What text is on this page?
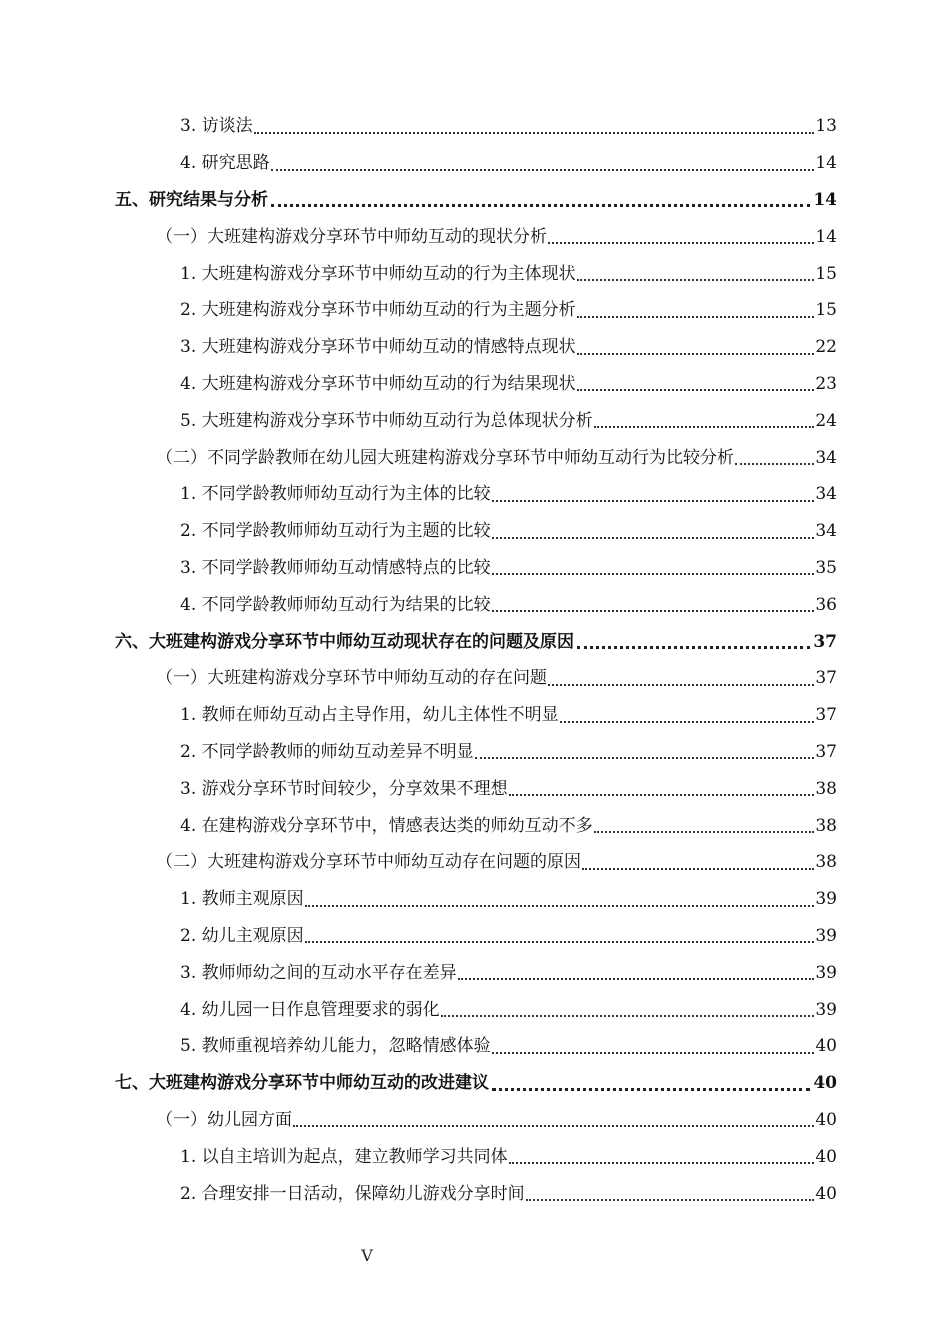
3. 访谈法	13
4. 研究思路	14
五、研究结果与分析	14
（一）大班建构游戏分享环节中师幼互动的现状分析	14
1. 大班建构游戏分享环节中师幼互动的行为主体现状	15
2. 大班建构游戏分享环节中师幼互动的行为主题分析	15
3. 大班建构游戏分享环节中师幼互动的情感特点现状	22
4. 大班建构游戏分享环节中师幼互动的行为结果现状	23
5. 大班建构游戏分享环节中师幼互动行为总体现状分析	24
（二）不同学龄教师在幼儿园大班建构游戏分享环节中师幼互动行为比较分析	34
1. 不同学龄教师师幼互动行为主体的比较	34
2. 不同学龄教师师幼互动行为主题的比较	34
3. 不同学龄教师师幼互动情感特点的比较	35
4. 不同学龄教师师幼互动行为结果的比较	36
六、大班建构游戏分享环节中师幼互动现状存在的问题及原因	37
（一）大班建构游戏分享环节中师幼互动的存在问题	37
1. 教师在师幼互动占主导作用，幼儿主体性不明显	37
2. 不同学龄教师的师幼互动差异不明显	37
3. 游戏分享环节时间较少，分享效果不理想	38
4. 在建构游戏分享环节中，情感表达类的师幼互动不多	38
（二）大班建构游戏分享环节中师幼互动存在问题的原因	38
1. 教师主观原因	39
2. 幼儿主观原因	39
3. 教师师幼之间的互动水平存在差异	39
4. 幼儿园一日作息管理要求的弱化	39
5. 教师重视培养幼儿能力，忽略情感体验	40
七、大班建构游戏分享环节中师幼互动的改进建议	40
（一）幼儿园方面	40
1. 以自主培训为起点，建立教师学习共同体	40
2. 合理安排一日活动，保障幼儿游戏分享时间	40
V
